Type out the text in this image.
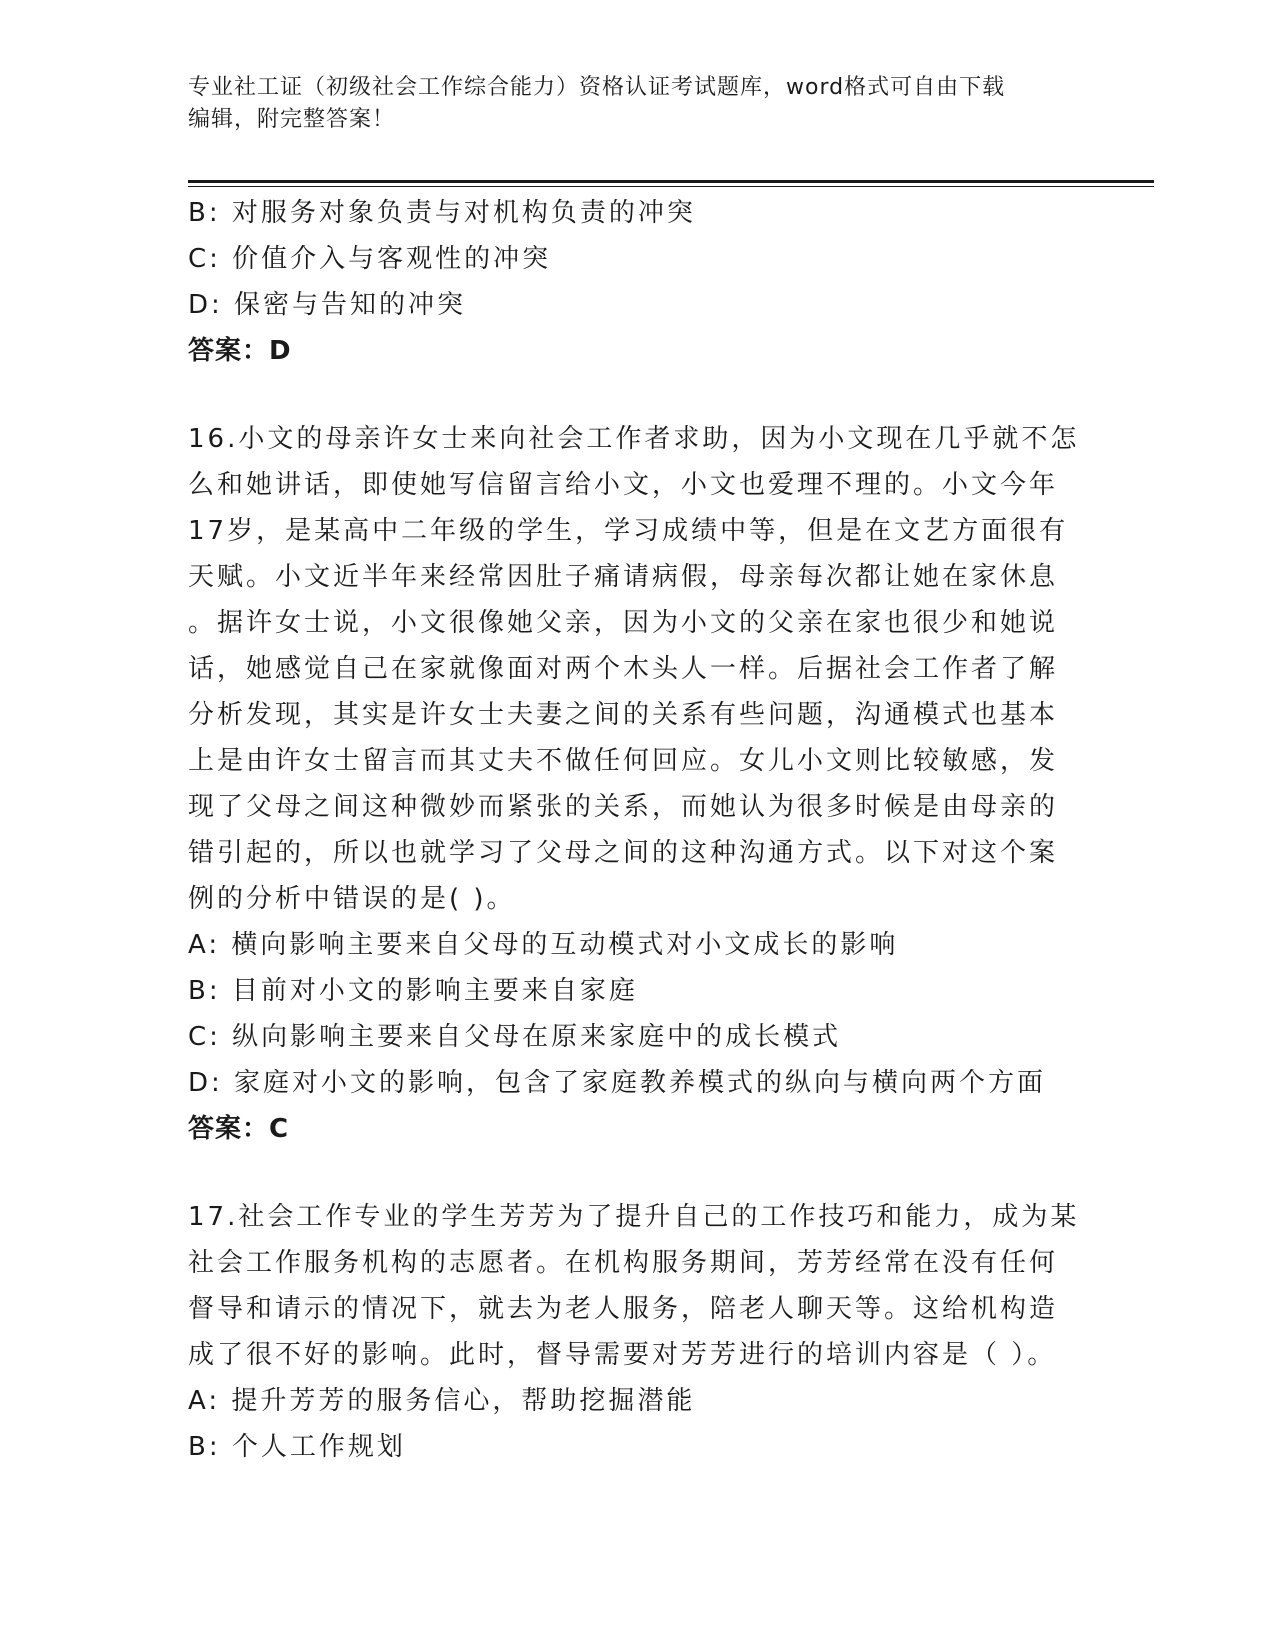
专业社工证（初级社会工作综合能力）资格认证考试题库，word格式可自由下载
编辑，附完整答案！
B: 对服务对象负责与对机构负责的冲突
C: 价值介入与客观性的冲突
D: 保密与告知的冲突
答案：D
16.小文的母亲许女士来向社会工作者求助，因为小文现在几乎就不怎
么和她讲话，即使她写信留言给小文，小文也爱理不理的。小文今年
17岁，是某高中二年级的学生，学习成绩中等，但是在文艺方面很有
天赋。小文近半年来经常因肚子痛请病假，母亲每次都让她在家休息
。据许女士说，小文很像她父亲，因为小文的父亲在家也很少和她说
话，她感觉自己在家就像面对两个木头人一样。后据社会工作者了解
分析发现，其实是许女士夫妻之间的关系有些问题，沟通模式也基本
上是由许女士留言而其丈夫不做任何回应。女儿小文则比较敏感，发
现了父母之间这种微妙而紧张的关系，而她认为很多时候是由母亲的
错引起的，所以也就学习了父母之间的这种沟通方式。以下对这个案
例的分析中错误的是( )。
A: 横向影响主要来自父母的互动模式对小文成长的影响
B: 目前对小文的影响主要来自家庭
C: 纵向影响主要来自父母在原来家庭中的成长模式
D: 家庭对小文的影响，包含了家庭教养模式的纵向与横向两个方面
答案：C
17.社会工作专业的学生芳芳为了提升自己的工作技巧和能力，成为某
社会工作服务机构的志愿者。在机构服务期间，芳芳经常在没有任何
督导和请示的情况下，就去为老人服务，陪老人聊天等。这给机构造
成了很不好的影响。此时，督导需要对芳芳进行的培训内容是（ ）。
A: 提升芳芳的服务信心，帮助挖掘潜能
B: 个人工作规划
